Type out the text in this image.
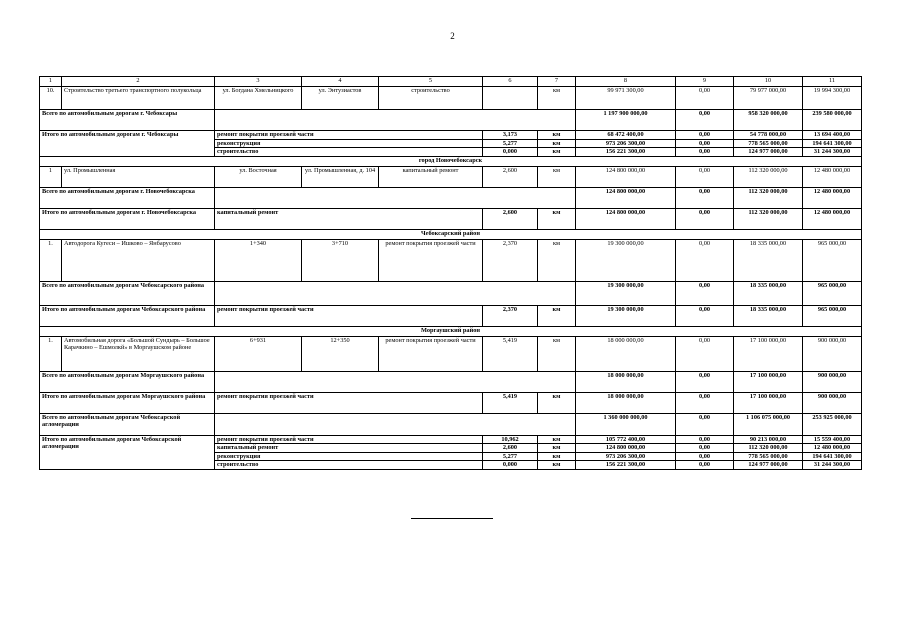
2
1	2	3	4	5	6	7	8	9	10	11
10.	Строительство третьего транспортного полукольца	ул. Богдана Хмельницкого	ул. Энтузиастов	строительство		км	99 971 300,00	0,00	79 977 000,00	19 994 300,00
Всего по автомобильным дорогам г. Чебоксары							1 197 900 000,00	0,00	958 320 000,00	239 580 000,00
Итого по автомобильным дорогам г. Чебоксары		ремонт покрытия проезжей части			3,173	км	68 472 400,00	0,00	54 778 000,00	13 694 400,00
		реконструкция			5,277	км	973 206 300,00	0,00	778 565 000,00	194 641 300,00
		строительство			0,000	км	156 221 300,00	0,00	124 977 000,00	31 244 300,00
город Новочебоксарск										
1	ул. Промышленная	ул. Восточная	ул. Промышленная, д. 104	капитальный ремонт	2,600	км	124 800 000,00	0,00	112 320 000,00	12 480 000,00
Всего по автомобильным дорогам г. Новочебоксарска							124 800 000,00	0,00	112 320 000,00	12 480 000,00
Итого по автомобильным дорогам г. Новочебоксарска		капитальный ремонт			2,600	км	124 800 000,00	0,00	112 320 000,00	12 480 000,00
Чебоксарский район										
1.	Автодорога Кугеси – Ишково – Янбарусово	1+340	3+710	ремонт покрытия проезжей части	2,370	км	19 300 000,00	0,00	18 335 000,00	965 000,00
Всего по автомобильным дорогам Чебоксарского района							19 300 000,00	0,00	18 335 000,00	965 000,00
Итого по автомобильным дорогам Чебоксарского района		ремонт покрытия проезжей части			2,370	км	19 300 000,00	0,00	18 335 000,00	965 000,00
Моргаушский район										
1.	Автомобильная дорога «Большой Сундырь – Большое Карачкино – Ешмолкй» в Моргаушском районе	6+931	12+350	ремонт покрытия проезжей части	5,419	км	18 000 000,00	0,00	17 100 000,00	900 000,00
Всего по автомобильным дорогам Моргаушского района							18 000 000,00	0,00	17 100 000,00	900 000,00
Итого по автомобильным дорогам Моргаушского района		ремонт покрытия проезжей части			5,419	км	18 000 000,00	0,00	17 100 000,00	900 000,00
Всего по автомобильным дорогам Чебоксарской агломерации							1 360 000 000,00	0,00	1 106 075 000,00	253 925 000,00
Итого по автомобильным дорогам Чебоксарской агломерации		ремонт покрытия проезжей части			10,962	км	105 772 400,00	0,00	90 213 000,00	15 559 400,00
		капитальный ремонт			2,600	км	124 800 000,00	0,00	112 320 000,00	12 480 000,00
		реконструкция			5,277	км	973 206 300,00	0,00	778 565 000,00	194 641 300,00
		строительство			0,000	км	156 221 300,00	0,00	124 977 000,00	31 244 300,00
